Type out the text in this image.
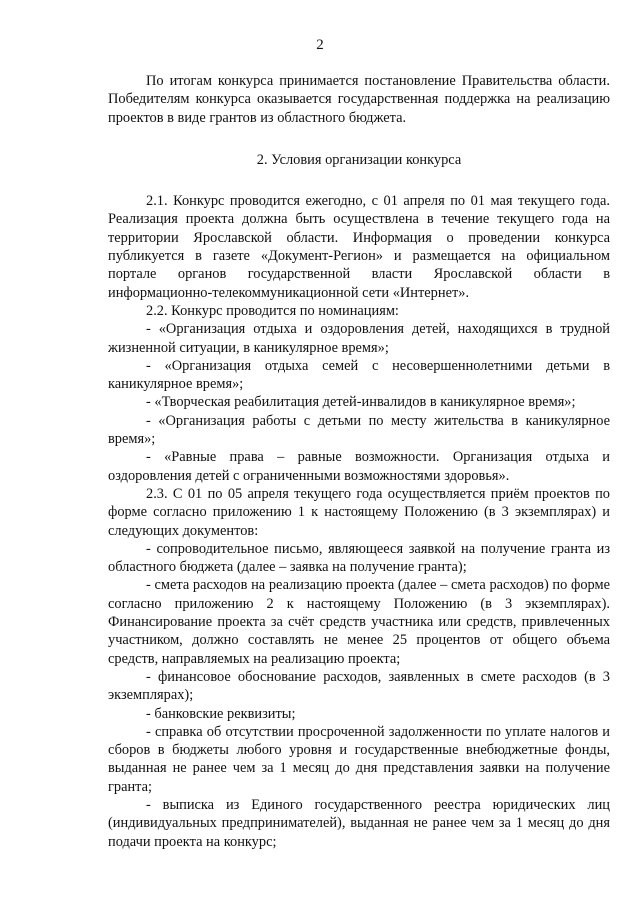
2

По итогам конкурса принимается постановление Правительства области. Победителям конкурса оказывается государственная поддержка на реализацию проектов в виде грантов из областного бюджета.

2. Условия организации конкурса

2.1. Конкурс проводится ежегодно, с 01 апреля по 01 мая текущего года. Реализация проекта должна быть осуществлена в течение текущего года на территории Ярославской области. Информация о проведении конкурса публикуется в газете «Документ-Регион» и размещается на официальном портале органов государственной власти Ярославской области в информационно-телекоммуникационной сети «Интернет».

2.2. Конкурс проводится по номинациям:

- «Организация отдыха и оздоровления детей, находящихся в трудной жизненной ситуации, в каникулярное время»;

- «Организация отдыха семей с несовершеннолетними детьми в каникулярное время»;

- «Творческая реабилитация детей-инвалидов в каникулярное время»;

- «Организация работы с детьми по месту жительства в каникулярное время»;

- «Равные права – равные возможности. Организация отдыха и оздоровления детей с ограниченными возможностями здоровья».

2.3. С 01 по 05 апреля текущего года осуществляется приём проектов по форме согласно приложению 1 к настоящему Положению (в 3 экземплярах) и следующих документов:

- сопроводительное письмо, являющееся заявкой на получение гранта из областного бюджета (далее – заявка на получение гранта);

- смета расходов на реализацию проекта (далее – смета расходов) по форме согласно приложению 2 к настоящему Положению (в 3 экземплярах). Финансирование проекта за счёт средств участника или средств, привлеченных участником, должно составлять не менее 25 процентов от общего объема средств, направляемых на реализацию проекта;

- финансовое обоснование расходов, заявленных в смете расходов (в 3 экземплярах);

- банковские реквизиты;

- справка об отсутствии просроченной задолженности по уплате налогов и сборов в бюджеты любого уровня и государственные внебюджетные фонды, выданная не ранее чем за 1 месяц до дня представления заявки на получение гранта;

- выписка из Единого государственного реестра юридических лиц (индивидуальных предпринимателей), выданная не ранее чем за 1 месяц до дня подачи проекта на конкурс;
